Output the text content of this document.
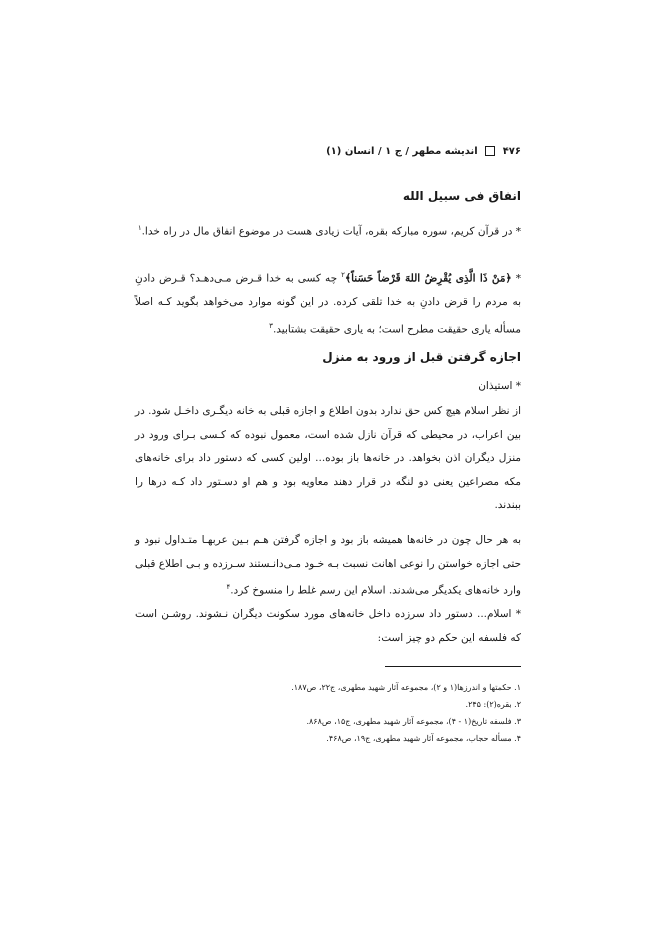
۴۷۶  اندیشه مطهر / ج ۱ / انسان (۱)
انفاق فی سبیل الله
* در قرآن کریم، سوره مبارکه بقره، آیات زیادی هست در موضوع انفاق مال در راه خدا.$^۱$
* ﴿مَنْ ذَا الَّذِی یُقْرِضُ اللهَ قَرْضاً حَسَناً﴾$^۲$ چه کسی به خدا قـرض مـی‌دهـد؟ قـرض دادنِ به مردم را قرض دادنِ به خدا تلقی کرده. در این گونه موارد می‌خواهد بگوید کـه اصلاً مسأله یاری حقیقت مطرح است؛ به یاری حقیقت بشتابید.$^۳$
اجازه گرفتن قبل از ورود به منزل
* استیذان
از نظر اسلام هیچ کس حق ندارد بدون اطلاع و اجازه قبلی به خانه دیگـری داخـل شود. در بین اعراب، در محیطی که قرآن نازل شده است، معمول نبوده که کـسی بـرای ورود در منزل دیگران اذن بخواهد. در خانه‌ها باز بوده... اولین کسی که دستور داد برای خانه‌های مکه مصراعین یعنی دو لنگه در قرار دهند معاویه بود و هم او دسـتور داد کـه درها را ببندند.
به هر حال چون در خانه‌ها همیشه باز بود و اجازه گرفتن هـم بـین عربهـا متـداول نبود و حتی اجازه خواستن را نوعی اهانت نسبت بـه خـود مـی‌دانـستند سـرزده و بـی اطلاع قبلی وارد خانه‌های یکدیگر می‌شدند. اسلام این رسم غلط را منسوخ کرد.$^۴$
* اسلام... دستور داد سرزده داخل خانه‌های مورد سکونت دیگران نـشوند. روشـن است که فلسفه این حکم دو چیز است:
۱. حکمتها و اندرزها(۱ و ۲)، مجموعه آثار شهید مطهری، ج۲۲، ص۱۸۷.
۲. بقره(۲): ۲۴۵.
۳. فلسفه تاریخ(۱ - ۴)، مجموعه آثار شهید مطهری، ج۱۵، ص۸۶۸.
۴. مسأله حجاب، مجموعه آثار شهید مطهری، ج۱۹، ص۴۶۸.
